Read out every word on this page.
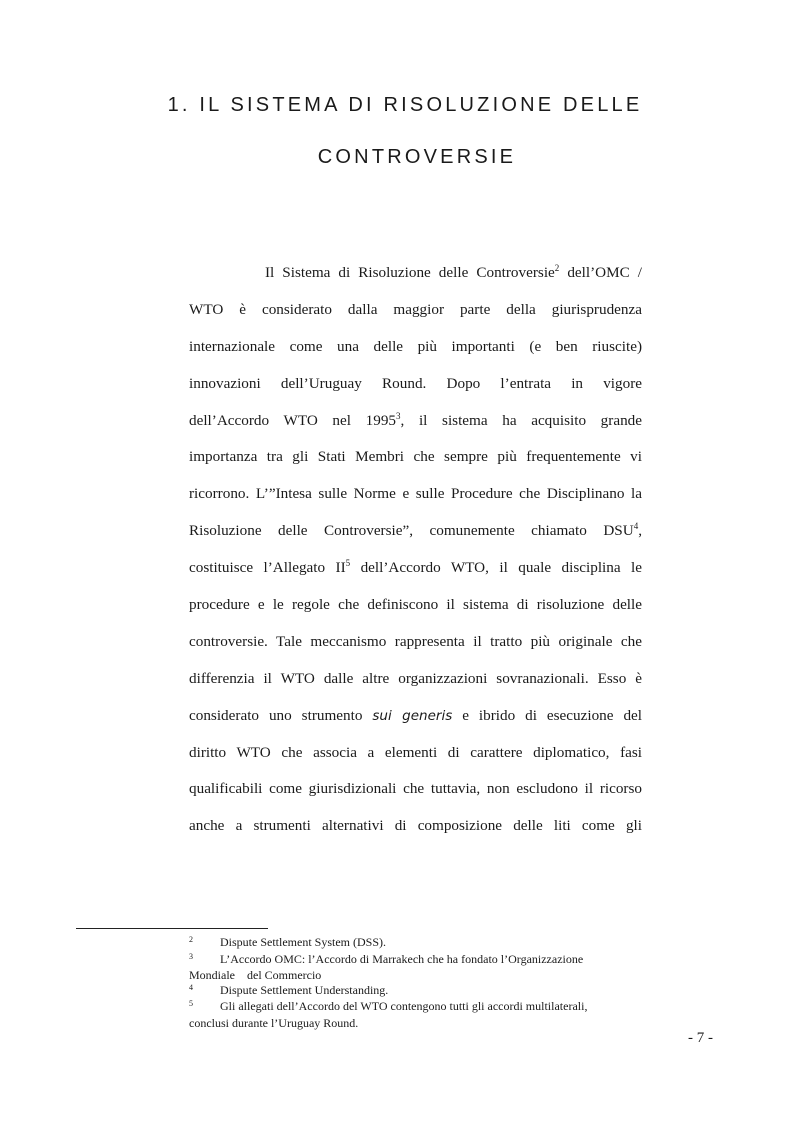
1. IL SISTEMA DI RISOLUZIONE DELLE
CONTROVERSIE
Il Sistema di Risoluzione delle Controversie$^2$ dell’OMC /
WTO è considerato dalla maggior parte della giurisprudenza
internazionale come una delle più importanti (e ben riuscite)
innovazioni dell’Uruguay Round. Dopo l’entrata in vigore
dell’Accordo WTO nel 1995$^3$, il sistema ha acquisito grande
importanza tra gli Stati Membri che sempre più frequentemente vi
ricorrono. L’”Intesa sulle Norme e sulle Procedure che Disciplinano la
Risoluzione delle Controversie”, comunemente chiamato DSU$^4$,
costituisce l’Allegato $II^5$ dell’Accordo WTO, il quale disciplina le
procedure e le regole che definiscono il sistema di risoluzione delle
controversie. Tale meccanismo rappresenta il tratto più originale che
differenzia il WTO dalle altre organizzazioni sovranazionali. Esso è
considerato uno strumento sui generis e ibrido di esecuzione del
diritto WTO che associa a elementi di carattere diplomatico, fasi
qualificabili come giurisdizionali che tuttavia, non escludono il ricorso
anche a strumenti alternativi di composizione delle liti come gli
2 Dispute Settlement System (DSS).
3 L’Accordo OMC: l’Accordo di Marrakech che ha fondato l’Organizzazione
Mondiale    del Commercio
4 Dispute Settlement Understanding.
5 Gli allegati dell’Accordo del WTO contengono tutti gli accordi multilaterali,
conclusi durante l’Uruguay Round.
- 7 -
